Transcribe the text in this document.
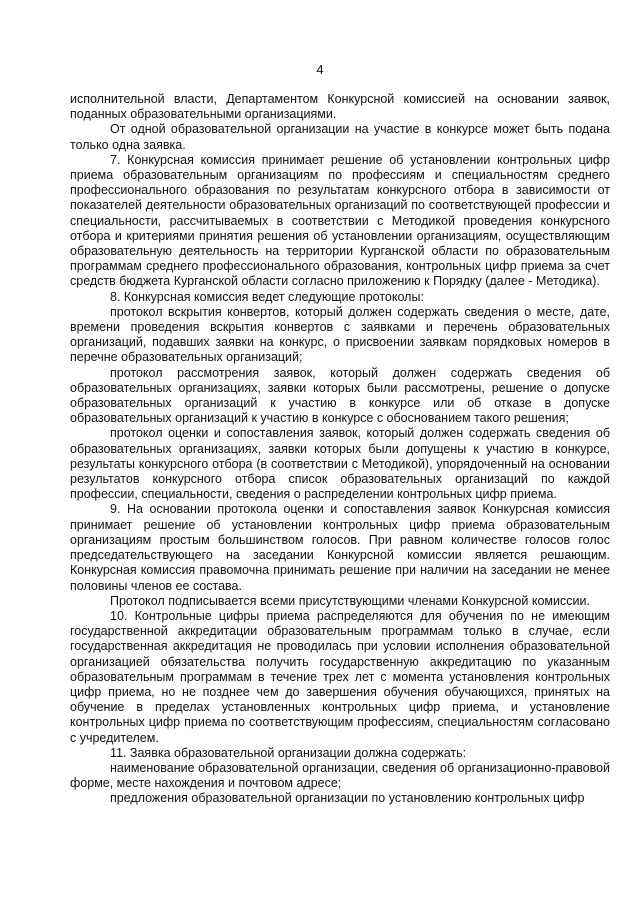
4

исполнительной власти, Департаментом Конкурсной комиссией на основании заявок, поданных образовательными организациями.

От одной образовательной организации на участие в конкурсе может быть подана только одна заявка.

7. Конкурсная комиссия принимает решение об установлении контрольных цифр приема образовательным организациям по профессиям и специальностям среднего профессионального образования по результатам конкурсного отбора в зависимости от показателей деятельности образовательных организаций по соответствующей профессии и специальности, рассчитываемых в соответствии с Методикой проведения конкурсного отбора и критериями принятия решения об установлении организациям, осуществляющим образовательную деятельность на территории Курганской области по образовательным программам среднего профессионального образования, контрольных цифр приема за счет средств бюджета Курганской области согласно приложению к Порядку (далее - Методика).

8. Конкурсная комиссия ведет следующие протоколы:

протокол вскрытия конвертов, который должен содержать сведения о месте, дате, времени проведения вскрытия конвертов с заявками и перечень образовательных организаций, подавших заявки на конкурс, о присвоении заявкам порядковых номеров в перечне образовательных организаций;

протокол рассмотрения заявок, который должен содержать сведения об образовательных организациях, заявки которых были рассмотрены, решение о допуске образовательных организаций к участию в конкурсе или об отказе в допуске образовательных организаций к участию в конкурсе с обоснованием такого решения;

протокол оценки и сопоставления заявок, который должен содержать сведения об образовательных организациях, заявки которых были допущены к участию в конкурсе, результаты конкурсного отбора (в соответствии с Методикой), упорядоченный на основании результатов конкурсного отбора список образовательных организаций по каждой профессии, специальности, сведения о распределении контрольных цифр приема.

9. На основании протокола оценки и сопоставления заявок Конкурсная комиссия принимает решение об установлении контрольных цифр приема образовательным организациям простым большинством голосов. При равном количестве голосов голос председательствующего на заседании Конкурсной комиссии является решающим. Конкурсная комиссия правомочна принимать решение при наличии на заседании не менее половины членов ее состава.

Протокол подписывается всеми присутствующими членами Конкурсной комиссии.

10. Контрольные цифры приема распределяются для обучения по не имеющим государственной аккредитации образовательным программам только в случае, если государственная аккредитация не проводилась при условии исполнения образовательной организацией обязательства получить государственную аккредитацию по указанным образовательным программам в течение трех лет с момента установления контрольных цифр приема, но не позднее чем до завершения обучения обучающихся, принятых на обучение в пределах установленных контрольных цифр приема, и установление контрольных цифр приема по соответствующим профессиям, специальностям согласовано с учредителем.

11. Заявка образовательной организации должна содержать:

наименование образовательной организации, сведения об организационно-правовой форме, месте нахождения и почтовом адресе;

предложения образовательной организации по установлению контрольных цифр
